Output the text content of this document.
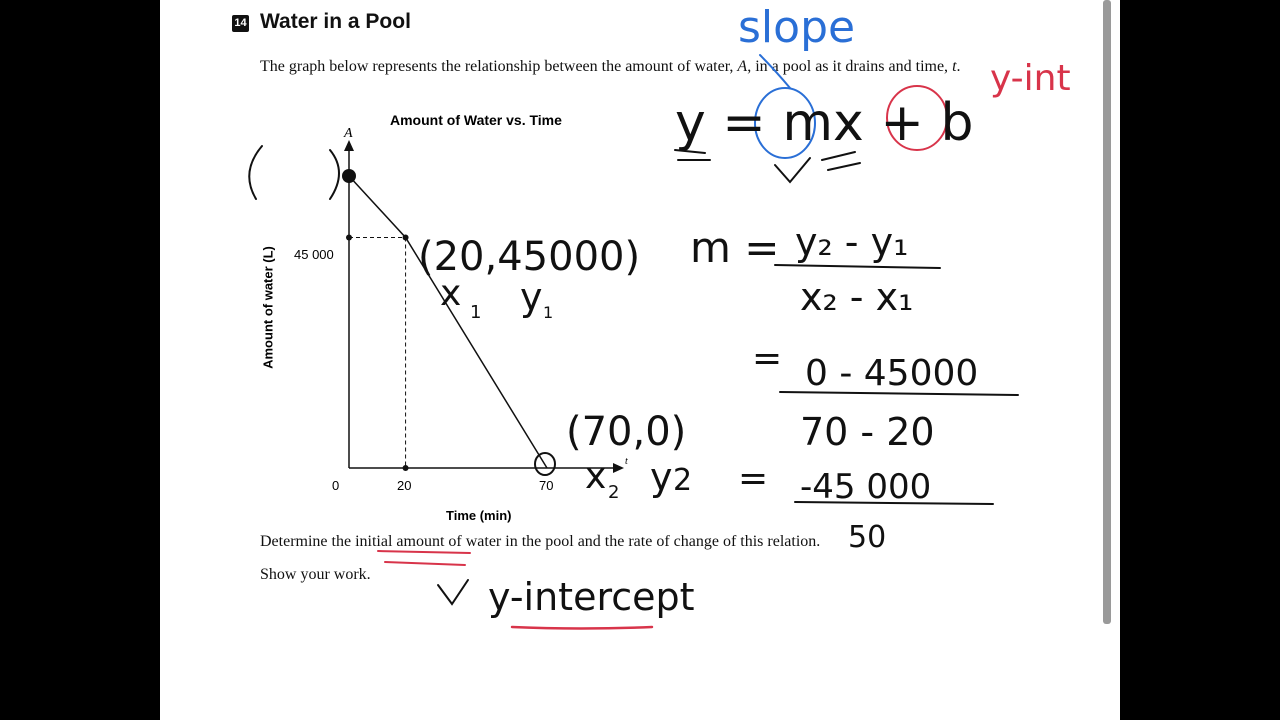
14 Water in a Pool
The graph below represents the relationship between the amount of water, A, in a pool as it drains and time, t.
Amount of Water vs. Time
A
t
45 000
0	20	70
Amount of water (L)
Time (min)
Determine the initial amount of water in the pool and the rate of change of this relation.
Show your work.
slope
y-int
y = mx + b
(20,45000)
x 1 y 1
(70,0)
x 2 y 2
m = y₂ - y₁
x₂ - x₁
= 0 - 45000
70 - 20
= -45 000
50
y-intercept
